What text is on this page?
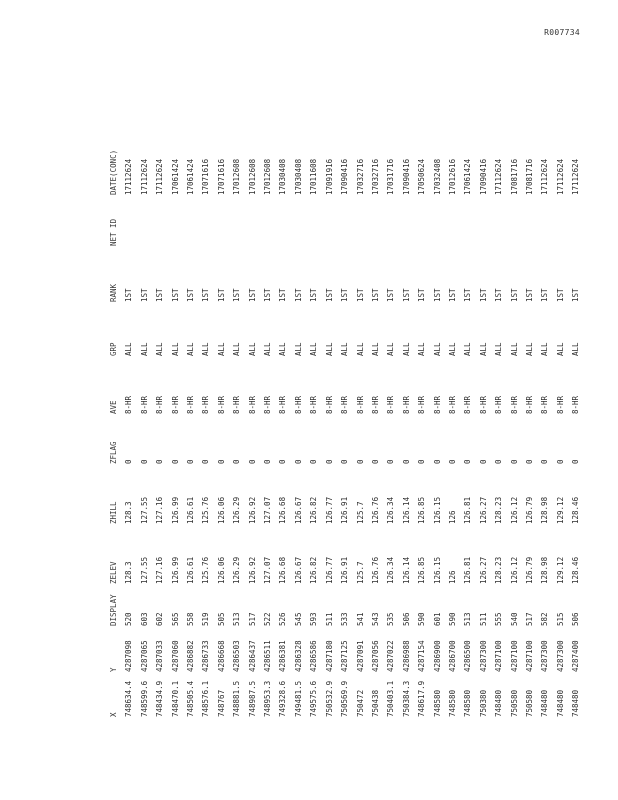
R007734
X	Y	DISPLAY	ZELEV	ZHILL	ZFLAG	AVE	GRP	RANK	NET ID	DATE(CONC)
748634.4	4287098	520	128.3	128.3	0	8-HR	ALL	1ST		17112624
748599.6	4287065	603	127.55	127.55	0	8-HR	ALL	1ST		17112624
748434.9	4287033	602	127.16	127.16	0	8-HR	ALL	1ST		17112624
748470.1	4287060	565	126.99	126.99	0	8-HR	ALL	1ST		17061424
748505.4	4286882	558	126.61	126.61	0	8-HR	ALL	1ST		17061424
748576.1	4286733	519	125.76	125.76	0	8-HR	ALL	1ST		17071616
748767	4286668	505	126.06	126.06	0	8-HR	ALL	1ST		17071616
748881.5	4286503	513	126.29	126.29	0	8-HR	ALL	1ST		17012608
748987.5	4286437	517	126.92	126.92	0	8-HR	ALL	1ST		17012608
748953.3	4286511	522	127.07	127.07	0	8-HR	ALL	1ST		17012608
749328.6	4286381	526	126.68	126.68	0	8-HR	ALL	1ST		17030408
749481.5	4286328	545	126.67	126.67	0	8-HR	ALL	1ST		17030408
749575.6	4286586	593	126.82	126.82	0	8-HR	ALL	1ST		17011608
750532.9	4287180	511	126.77	126.77	0	8-HR	ALL	1ST		17091916
750569.9	4287125	533	126.91	126.91	0	8-HR	ALL	1ST		17090416
750472	4287091	541	125.7	125.7	0	8-HR	ALL	1ST		17032716
750438	4287056	543	126.76	126.76	0	8-HR	ALL	1ST		17032716
750403.1	4287022	535	126.34	126.34	0	8-HR	ALL	1ST		17031716
750384.3	4286988	506	126.14	126.14	0	8-HR	ALL	1ST		17090416
748617.9	4287154	590	126.85	126.85	0	8-HR	ALL	1ST		17050624
748580	4286900	601	126.15	126.15	0	8-HR	ALL	1ST		17032408
748580	4286700	590	126	126	0	8-HR	ALL	1ST		17012616
748580	4286500	513	126.81	126.81	0	8-HR	ALL	1ST		17061424
750380	4287300	511	126.27	126.27	0	8-HR	ALL	1ST		17090416
748480	4287100	555	128.23	128.23	0	8-HR	ALL	1ST		17112624
750580	4287100	540	126.12	126.12	0	8-HR	ALL	1ST		17081716
750580	4287100	517	126.79	126.79	0	8-HR	ALL	1ST		17081716
748480	4287300	582	128.98	128.98	0	8-HR	ALL	1ST		17112624
748480	4287300	515	129.12	129.12	0	8-HR	ALL	1ST		17112624
748480	4287400	506	128.46	128.46	0	8-HR	ALL	1ST		17112624
